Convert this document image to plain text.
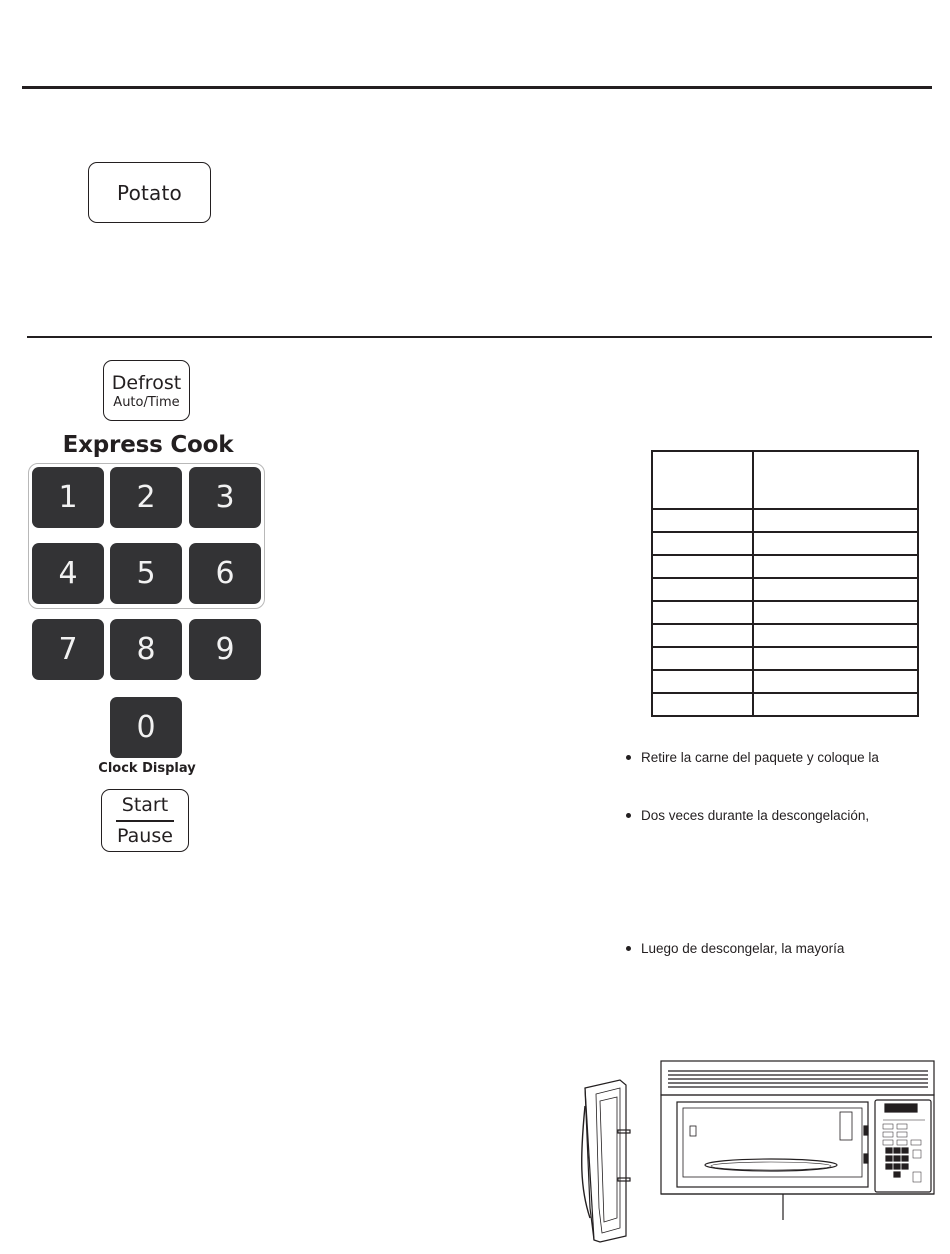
Potato
Defrost
Auto/Time
Express Cook
1	2	3
4	5	6
7	8	9
0
Clock Display
Start
Pause

Retire la carne del paquete y coloque la
Dos veces durante la descongelación,
Luego de descongelar, la mayoría
